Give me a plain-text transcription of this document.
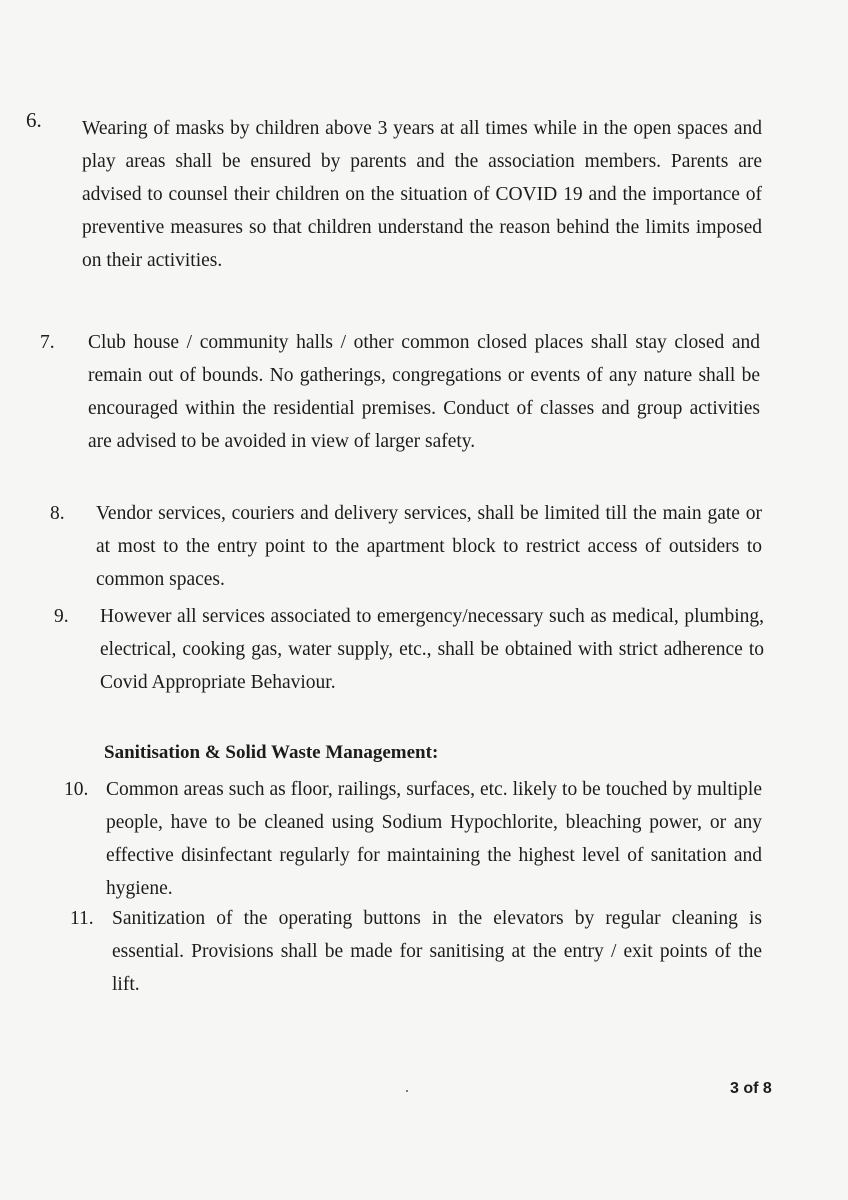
6. Wearing of masks by children above 3 years at all times while in the open spaces and play areas shall be ensured by parents and the association members. Parents are advised to counsel their children on the situation of COVID 19 and the importance of preventive measures so that children understand the reason behind the limits imposed on their activities.
7. Club house / community halls / other common closed places shall stay closed and remain out of bounds. No gatherings, congregations or events of any nature shall be encouraged within the residential premises. Conduct of classes and group activities are advised to be avoided in view of larger safety.
8. Vendor services, couriers and delivery services, shall be limited till the main gate or at most to the entry point to the apartment block to restrict access of outsiders to common spaces.
9. However all services associated to emergency/necessary such as medical, plumbing, electrical, cooking gas, water supply, etc., shall be obtained with strict adherence to Covid Appropriate Behaviour.
Sanitisation & Solid Waste Management:
10. Common areas such as floor, railings, surfaces, etc. likely to be touched by multiple people, have to be cleaned using Sodium Hypochlorite, bleaching power, or any effective disinfectant regularly for maintaining the highest level of sanitation and hygiene.
11. Sanitization of the operating buttons in the elevators by regular cleaning is essential. Provisions shall be made for sanitising at the entry / exit points of the lift.
3 of 8
